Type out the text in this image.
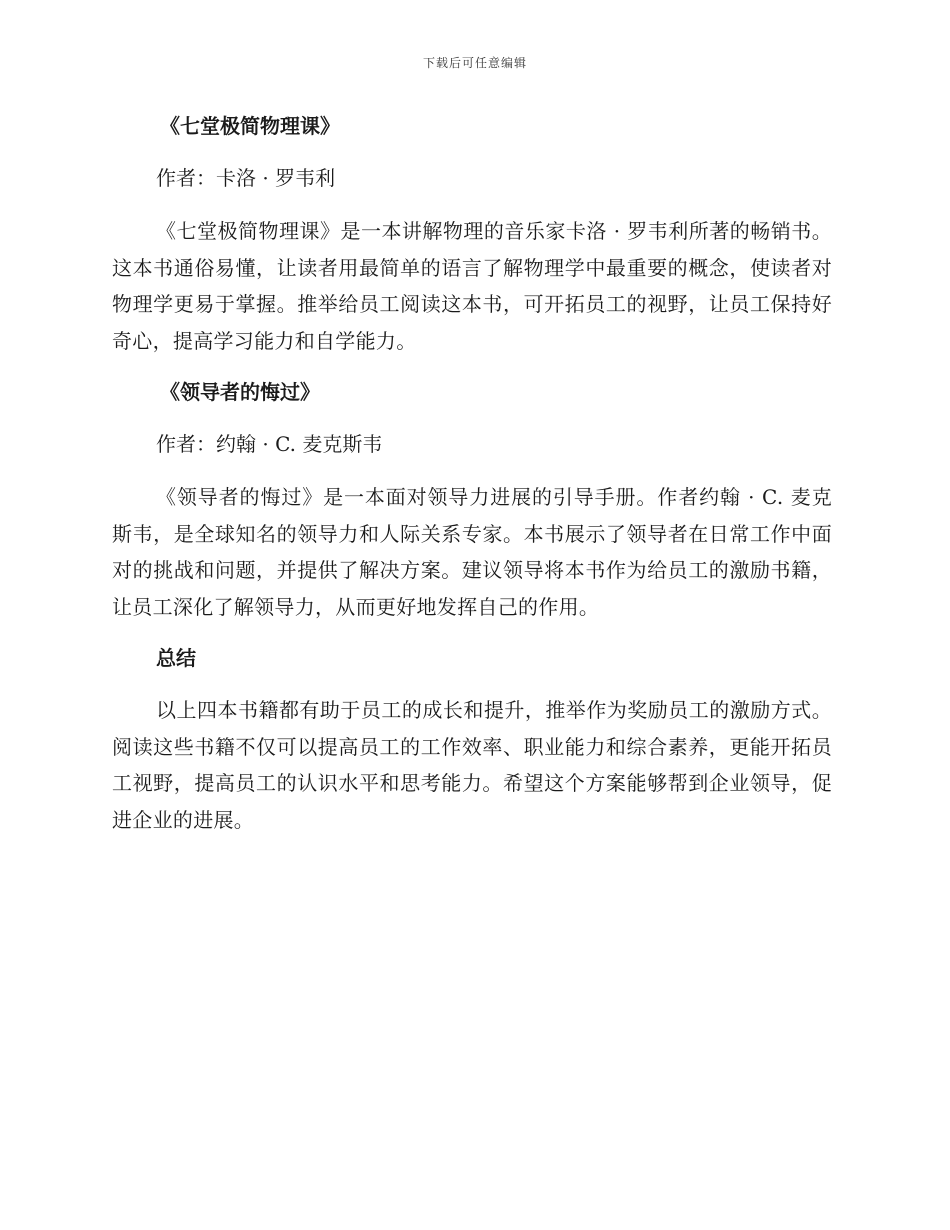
下载后可任意编辑
《七堂极简物理课》

作者：卡洛 · 罗韦利

《七堂极简物理课》是一本讲解物理的音乐家卡洛 · 罗韦利所著的畅销书。这本书通俗易懂，让读者用最简单的语言了解物理学中最重要的概念，使读者对物理学更易于掌握。推举给员工阅读这本书，可开拓员工的视野，让员工保持好奇心，提高学习能力和自学能力。

《领导者的悔过》

作者：约翰 · C. 麦克斯韦

《领导者的悔过》是一本面对领导力进展的引导手册。作者约翰 · C. 麦克斯韦，是全球知名的领导力和人际关系专家。本书展示了领导者在日常工作中面对的挑战和问题，并提供了解决方案。建议领导将本书作为给员工的激励书籍，让员工深化了解领导力，从而更好地发挥自己的作用。

总结

以上四本书籍都有助于员工的成长和提升，推举作为奖励员工的激励方式。阅读这些书籍不仅可以提高员工的工作效率、职业能力和综合素养，更能开拓员工视野，提高员工的认识水平和思考能力。希望这个方案能够帮到企业领导，促进企业的进展。
